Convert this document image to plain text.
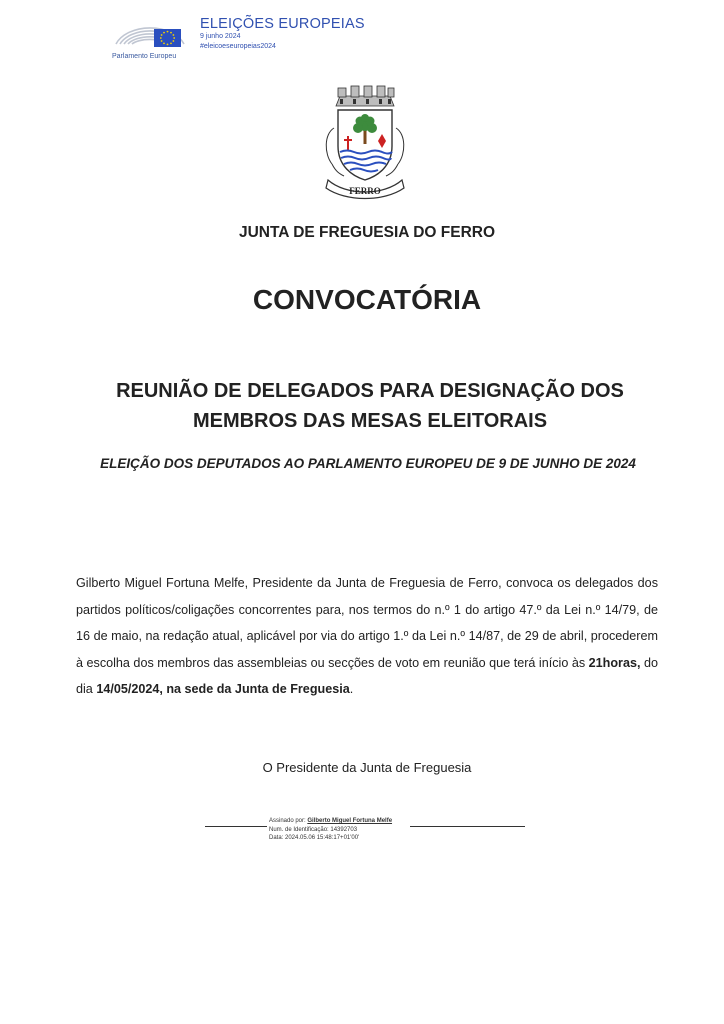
Parlamento Europeu
ELEIÇÕES EUROPEIAS
9 junho 2024
#eleicoeseuropeias2024
FERRO
JUNTA DE FREGUESIA DO FERRO
CONVOCATÓRIA
REUNIÃO DE DELEGADOS PARA DESIGNAÇÃO DOS
MEMBROS DAS MESAS ELEITORAIS
ELEIÇÃO DOS DEPUTADOS AO PARLAMENTO EUROPEU DE 9 DE JUNHO DE 2024
Gilberto Miguel Fortuna Melfe, Presidente da Junta de Freguesia de Ferro, convoca os delegados dos partidos políticos/coligações concorrentes para, nos termos do n.º 1 do artigo 47.º da Lei n.º 14/79, de 16 de maio, na redação atual, aplicável por via do artigo 1.º da Lei n.º 14/87, de 29 de abril, procederem à escolha dos membros das assembleias ou secções de voto em reunião que terá início às 21horas, do dia 14/05/2024, na sede da Junta de Freguesia.
O Presidente da Junta de Freguesia
Assinado por: Gilberto Miguel Fortuna Melfe
Num. de Identificação: 14392703
Data: 2024.05.06 15:48:17+01'00'
